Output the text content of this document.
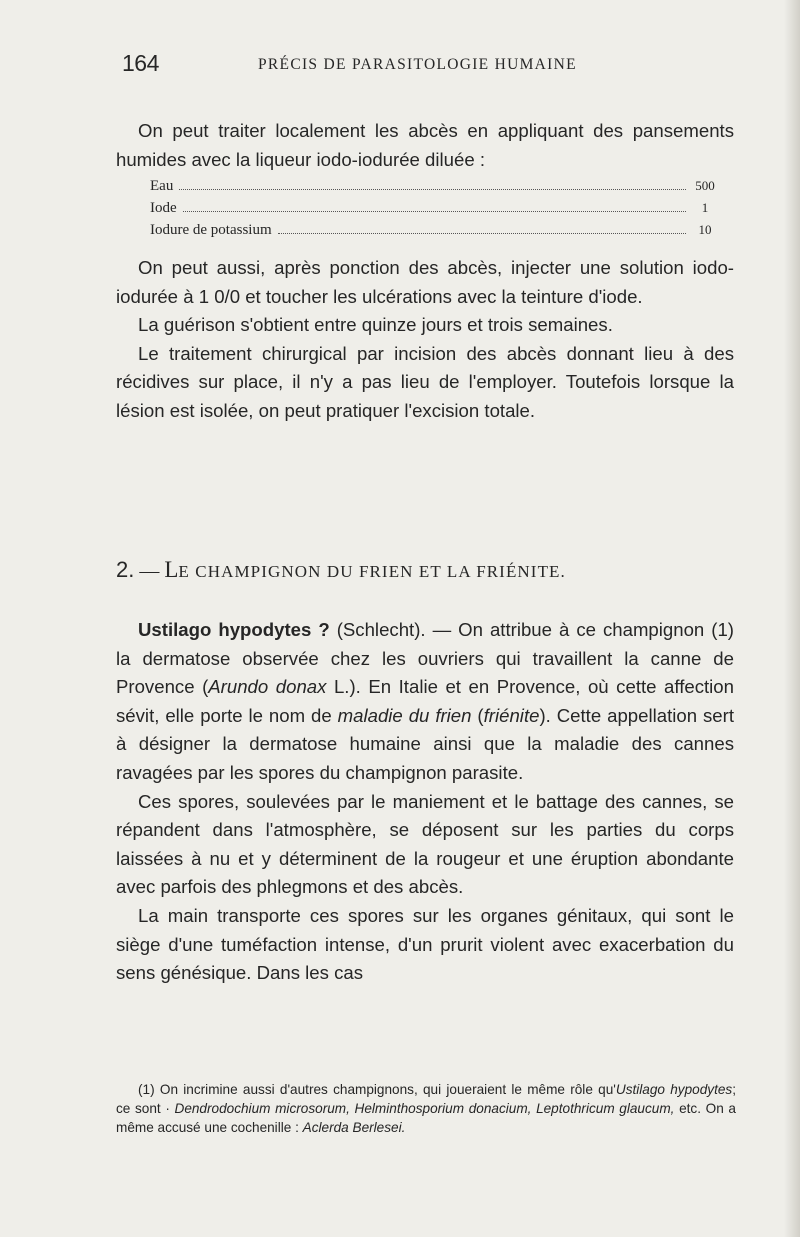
164	PRÉCIS DE PARASITOLOGIE HUMAINE

On peut traiter localement les abcès en appliquant des pansements humides avec la liqueur iodo-iodurée diluée :

Eau	500
Iode	1
Iodure de potassium	10

On peut aussi, après ponction des abcès, injecter une solution iodo-iodurée à 1 0/0 et toucher les ulcérations avec la teinture d'iode.

La guérison s'obtient entre quinze jours et trois semaines.

Le traitement chirurgical par incision des abcès donnant lieu à des récidives sur place, il n'y a pas lieu de l'employer. Toutefois lorsque la lésion est isolée, on peut pratiquer l'excision totale.

2. — LE CHAMPIGNON DU FRIEN ET LA FRIÉNITE.

Ustilago hypodytes ? (Schlecht). — On attribue à ce champignon (1) la dermatose observée chez les ouvriers qui travaillent la canne de Provence (Arundo donax L.). En Italie et en Provence, où cette affection sévit, elle porte le nom de maladie du frien (friénite). Cette appellation sert à désigner la dermatose humaine ainsi que la maladie des cannes ravagées par les spores du champignon parasite.

Ces spores, soulevées par le maniement et le battage des cannes, se répandent dans l'atmosphère, se déposent sur les parties du corps laissées à nu et y déterminent de la rougeur et une éruption abondante avec parfois des phlegmons et des abcès.

La main transporte ces spores sur les organes génitaux, qui sont le siège d'une tuméfaction intense, d'un prurit violent avec exacerbation du sens génésique. Dans les cas

(1) On incrimine aussi d'autres champignons, qui joueraient le même rôle qu'Ustilago hypodytes; ce sont · Dendrodochium microsorum, Helminthosporium donacium, Leptothricum glaucum, etc. On a même accusé une cochenille : Aclerda Berlesei.
